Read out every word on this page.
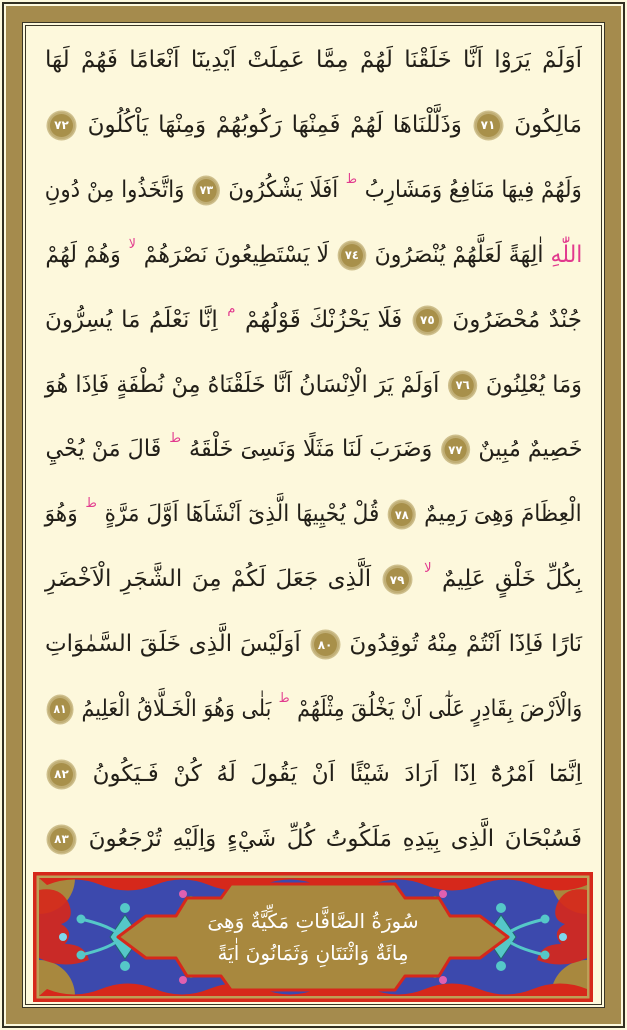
اَوَلَمْ يَرَوْا اَنَّا خَلَقْنَا لَهُمْ مِمَّا عَمِلَتْ اَيْدِينَٓا اَنْعَامًا فَهُمْ لَهَا
مَالِكُونَ ٧١ وَذَلَّلْنَاهَا لَهُمْ فَمِنْهَا رَكُوبُهُمْ وَمِنْهَا يَاْكُلُونَ ٧٢
وَلَهُمْ فِيهَا مَنَافِعُ وَمَشَارِبُ $^ط$ اَفَلَا يَشْكُرُونَ ٧٣ وَاتَّخَذُوا مِنْ دُونِ
اللّٰهِ اٰلِهَةً لَعَلَّهُمْ يُنْصَرُونَ ٧٤ لَا يَسْتَطِيعُونَ نَصْرَهُمْ $^{لا}$ وَهُمْ لَهُمْ
جُنْدٌ مُحْضَرُونَ ٧٥ فَلَا يَحْزُنْكَ قَوْلُهُمْ $^م$ اِنَّا نَعْلَمُ مَا يُسِرُّونَ
وَمَا يُعْلِنُونَ ٧٦ اَوَلَمْ يَرَ الْاِنْسَانُ اَنَّا خَلَقْنَاهُ مِنْ نُطْفَةٍ فَاِذَا هُوَ
خَصِيمٌ مُبِينٌ ٧٧ وَضَرَبَ لَنَا مَثَلًا وَنَسِىَ خَلْقَهُ $^ط$ قَالَ مَنْ يُحْيِ
الْعِظَامَ وَهِىَ رَمِيمٌ ٧٨ قُلْ يُحْيِيهَا الَّذِىٓ اَنْشَاَهَٓا اَوَّلَ مَرَّةٍ $^ط$ وَهُوَ
بِكُلِّ خَلْقٍ عَلِيمٌ $^{لا}$ ٧٩ اَلَّذِى جَعَلَ لَكُمْ مِنَ الشَّجَرِ الْاَخْضَرِ
نَارًا فَاِذَٓا اَنْتُمْ مِنْهُ تُوقِدُونَ ٨٠ اَوَلَيْسَ الَّذِى خَلَقَ السَّمٰوَاتِ
وَالْاَرْضَ بِقَادِرٍ عَلٰٓى اَنْ يَخْلُقَ مِثْلَهُمْ $^ط$ بَلٰى وَهُوَ الْخَـلَّاقُ الْعَلِيمُ ٨١
اِنَّمَٓا اَمْرُهُٓ اِذَٓا اَرَادَ شَيْئًا اَنْ يَقُولَ لَهُ كُنْ فَـيَكُونُ ٨٢
فَسُبْحَانَ الَّذِى بِيَدِهِ مَلَكُوتُ كُلِّ شَيْءٍ وَاِلَيْهِ تُرْجَعُونَ ٨٣
سُورَةُ الصَّافَّاتِ مَكِّيَّةٌ وَهِىَ
مِائَةٌ وَاثْنَتَانِ وَثَمَانُونَ اٰيَةً
